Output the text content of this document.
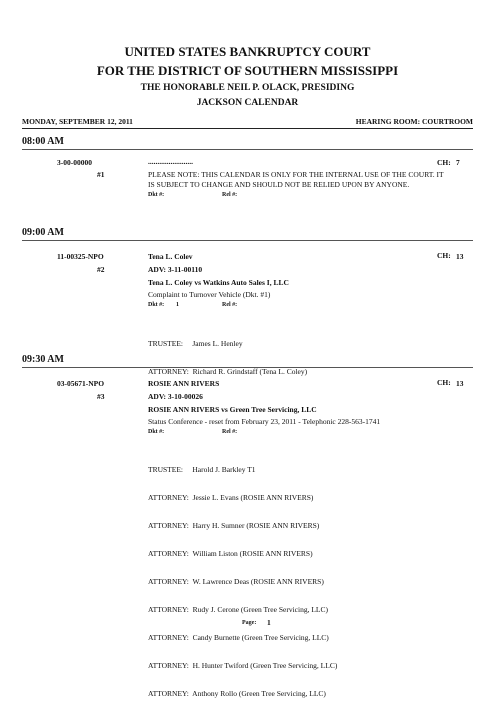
UNITED STATES BANKRUPTCY COURT
FOR THE DISTRICT OF SOUTHERN MISSISSIPPI
THE HONORABLE NEIL P. OLACK, PRESIDING
JACKSON CALENDAR
MONDAY, SEPTEMBER 12, 2011	HEARING ROOM: COURTROOM
08:00 AM
3-00-00000	........................	CH: 7
#1	PLEASE NOTE: THIS CALENDAR IS ONLY FOR THE INTERNAL USE OF THE COURT. IT
IS SUBJECT TO CHANGE AND SHOULD NOT BE RELIED UPON BY ANYONE.
Dkt #:	Rel #:
09:00 AM
11-00325-NPO	Tena L. Colev	CH: 13
#2	ADV: 3-11-00110
Tena L. Coley vs Watkins Auto Sales I, LLC
Complaint to Turnover Vehicle (Dkt. #1)
Dkt #: 1	Rel #:

TRUSTEE:     James L. Henley

ATTORNEY:  Richard R. Grindstaff (Tena L. Coley)

09:30 AM
03-05671-NPO	ROSIE ANN RIVERS	CH: 13
#3	ADV: 3-10-00026
ROSIE ANN RIVERS vs Green Tree Servicing, LLC
Status Conference - reset from February 23, 2011 - Telephonic 228-563-1741
Dkt #:	Rel #:

TRUSTEE:     Harold J. Barkley T1

ATTORNEY:  Jessie L. Evans (ROSIE ANN RIVERS)

ATTORNEY:  Harry H. Sumner (ROSIE ANN RIVERS)

ATTORNEY:  William Liston (ROSIE ANN RIVERS)

ATTORNEY:  W. Lawrence Deas (ROSIE ANN RIVERS)

ATTORNEY:  Rudy J. Cerone (Green Tree Servicing, LLC)

ATTORNEY:  Candy Burnette (Green Tree Servicing, LLC)

ATTORNEY:  H. Hunter Twiford (Green Tree Servicing, LLC)

ATTORNEY:  Anthony Rollo (Green Tree Servicing, LLC)

Page: 1
